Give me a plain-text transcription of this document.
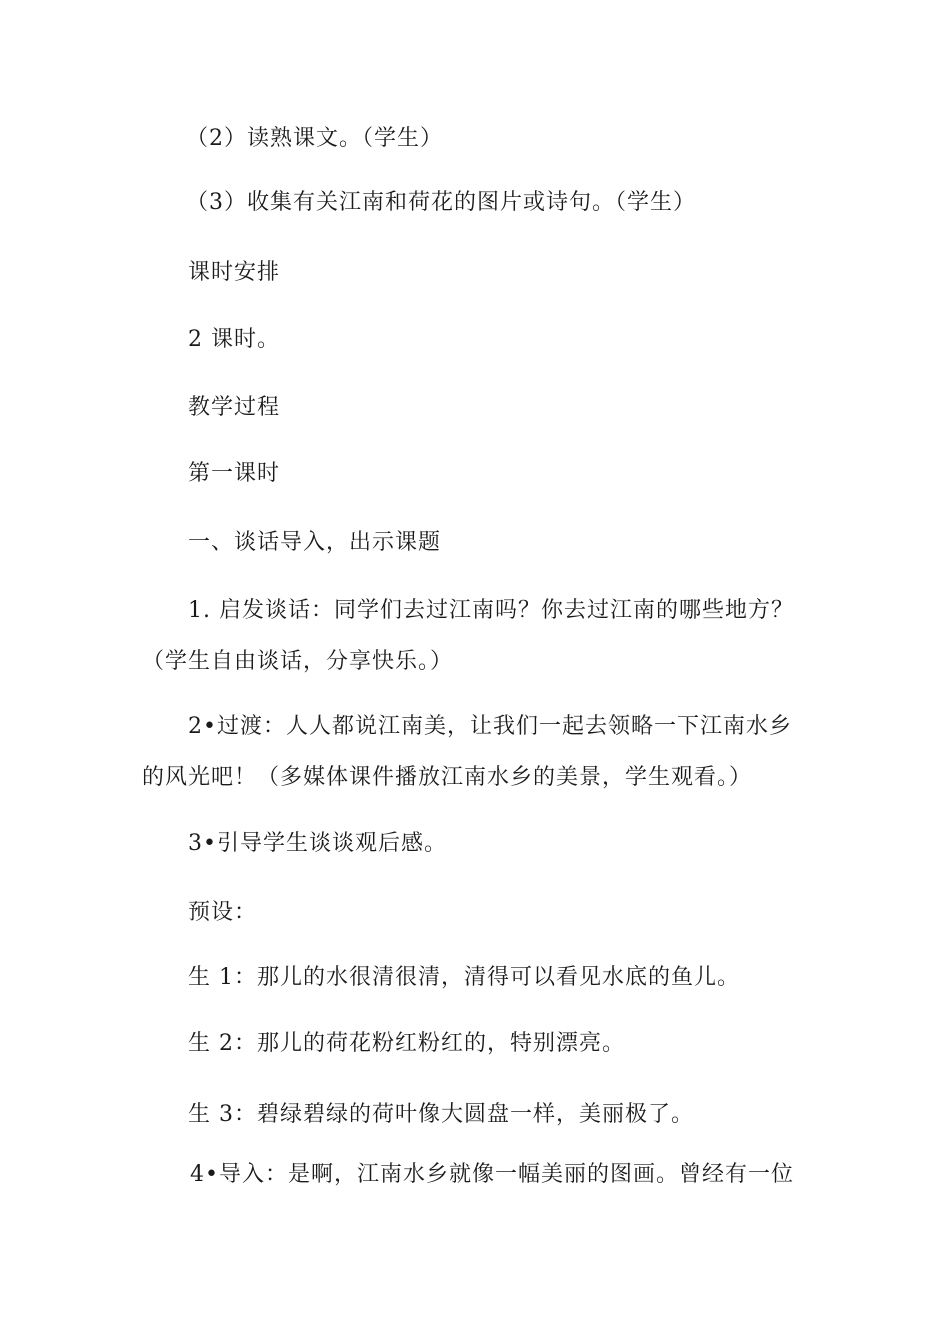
（2）读熟课文。（学生）
（3）收集有关江南和荷花的图片或诗句。（学生）
课时安排
2 课时。
教学过程
第一课时
一、谈话导入，出示课题
1. 启发谈话：同学们去过江南吗？你去过江南的哪些地方？
（学生自由谈话，分享快乐。）
2•过渡：人人都说江南美，让我们一起去领略一下江南水乡
的风光吧！（多媒体课件播放江南水乡的美景，学生观看。）
3•引导学生谈谈观后感。
预设：
生 1：那儿的水很清很清，清得可以看见水底的鱼儿。
生 2：那儿的荷花粉红粉红的，特别漂亮。
生 3：碧绿碧绿的荷叶像大圆盘一样，美丽极了。
4•导入：是啊，江南水乡就像一幅美丽的图画。曾经有一位
